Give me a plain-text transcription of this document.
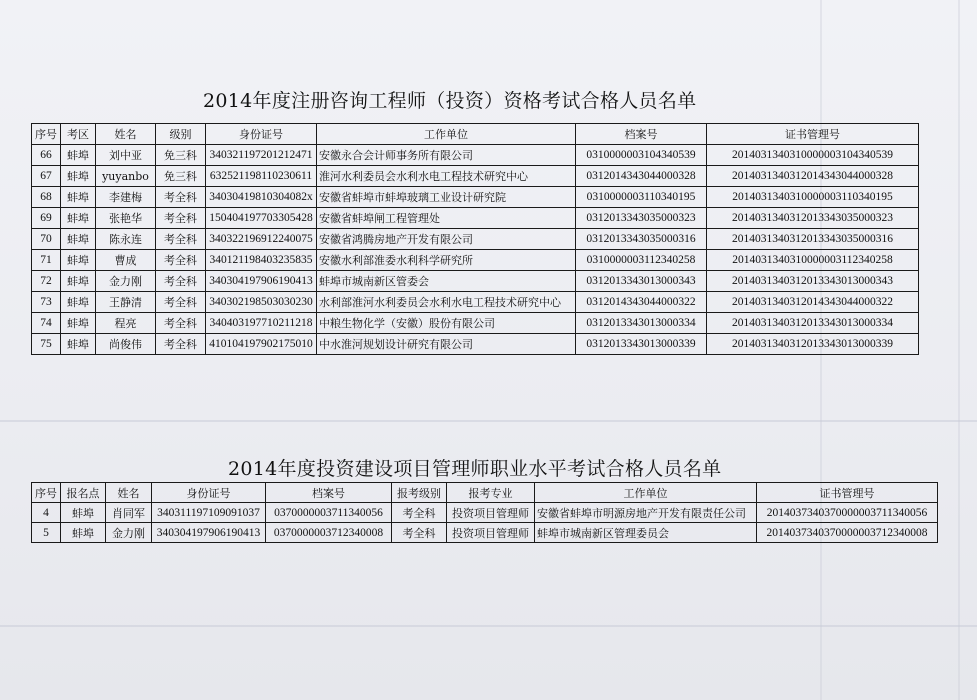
2014年度注册咨询工程师（投资）资格考试合格人员名单
序号	考区	姓名	级别	身份证号	工作单位	档案号	证书管理号
66	蚌埠	刘中亚	免三科	340321197201212471	安徽永合会计师事务所有限公司	0310000003104340539	20140313403100000031043405​39
67	蚌埠	yuyanbo	免三科	632521198110230611	淮河水利委员会水利水电工程技术研究中心	0312014343044000328	201403134031201434304400032​8
68	蚌埠	李建梅	考全科	34030419810304082x	安徽省蚌埠市蚌埠玻璃工业设计研究院	0310000003110340195	201403134031000000311034019​5
69	蚌埠	张艳华	考全科	150404197703305428	安徽省蚌埠闸工程管理处	0312013343035000323	201403134031201334303500032​3
70	蚌埠	陈永连	考全科	340322196912240075	安徽省鸿腾房地产开发有限公司	0312013343035000316	201403134031201334303500031​6
71	蚌埠	曹成	考全科	340121198403235835	安徽水利部淮委水利科学研究所	0310000003112340258	201403134031000000311234025​8
72	蚌埠	金力刚	考全科	340304197906190413	蚌埠市城南新区管委会	0312013343013000343	201403134031201334301300034​3
73	蚌埠	王静清	考全科	340302198503030230	水利部淮河水利委员会水利水电工程技术研究中心	0312014343044000322	201403134031201434304400032​2
74	蚌埠	程亮	考全科	340403197710211218	中粮生物化学（安徽）股份有限公司	0312013343013000334	201403134031201334301300033​4
75	蚌埠	尚俊伟	考全科	410104197902175010	中水淮河规划设计研究有限公司	0312013343013000339	201403134031201334301300033​9
2014年度投资建设项目管理师职业水平考试合格人员名单
序号	报名点	姓名	身份证号	档案号	报考级别	报考专业	工作单位	证书管理号
4	蚌埠	肖同军	340311197109091037	0370000003711340056	考全科	投资项目管理师	安徽省蚌埠市明源房地产开发有限责任公司	20140373403700000037113400​56
5	蚌埠	金力刚	340304197906190413	0370000003712340008	考全科	投资项目管理师	蚌埠市城南新区管理委员会	20140373403700000037123400​08
